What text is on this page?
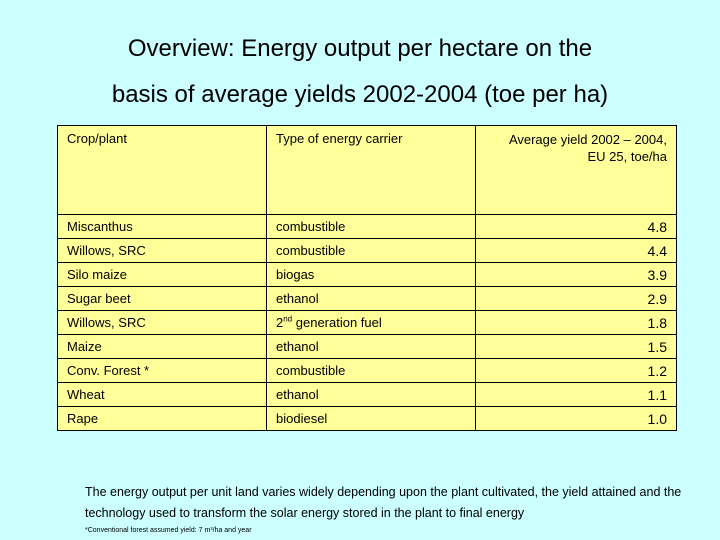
Overview: Energy output per hectare on the
basis of average yields 2002-2004 (toe per ha)
Crop/plant	Type of energy carrier	Average yield 2002 – 2004,
EU 25, toe/ha
Miscanthus	combustible	4.8
Willows, SRC	combustible	4.4
Silo maize	biogas	3.9
Sugar beet	ethanol	2.9
Willows, SRC	2nd generation fuel	1.8
Maize	ethanol	1.5
Conv. Forest *	combustible	1.2
Wheat	ethanol	1.1
Rape	biodiesel	1.0
The energy output per unit land varies widely depending upon the plant cultivated, the yield attained and the technology used to transform the solar energy stored in the plant to final energy
*Conventional forest assumed yield: 7 m³/ha and year
